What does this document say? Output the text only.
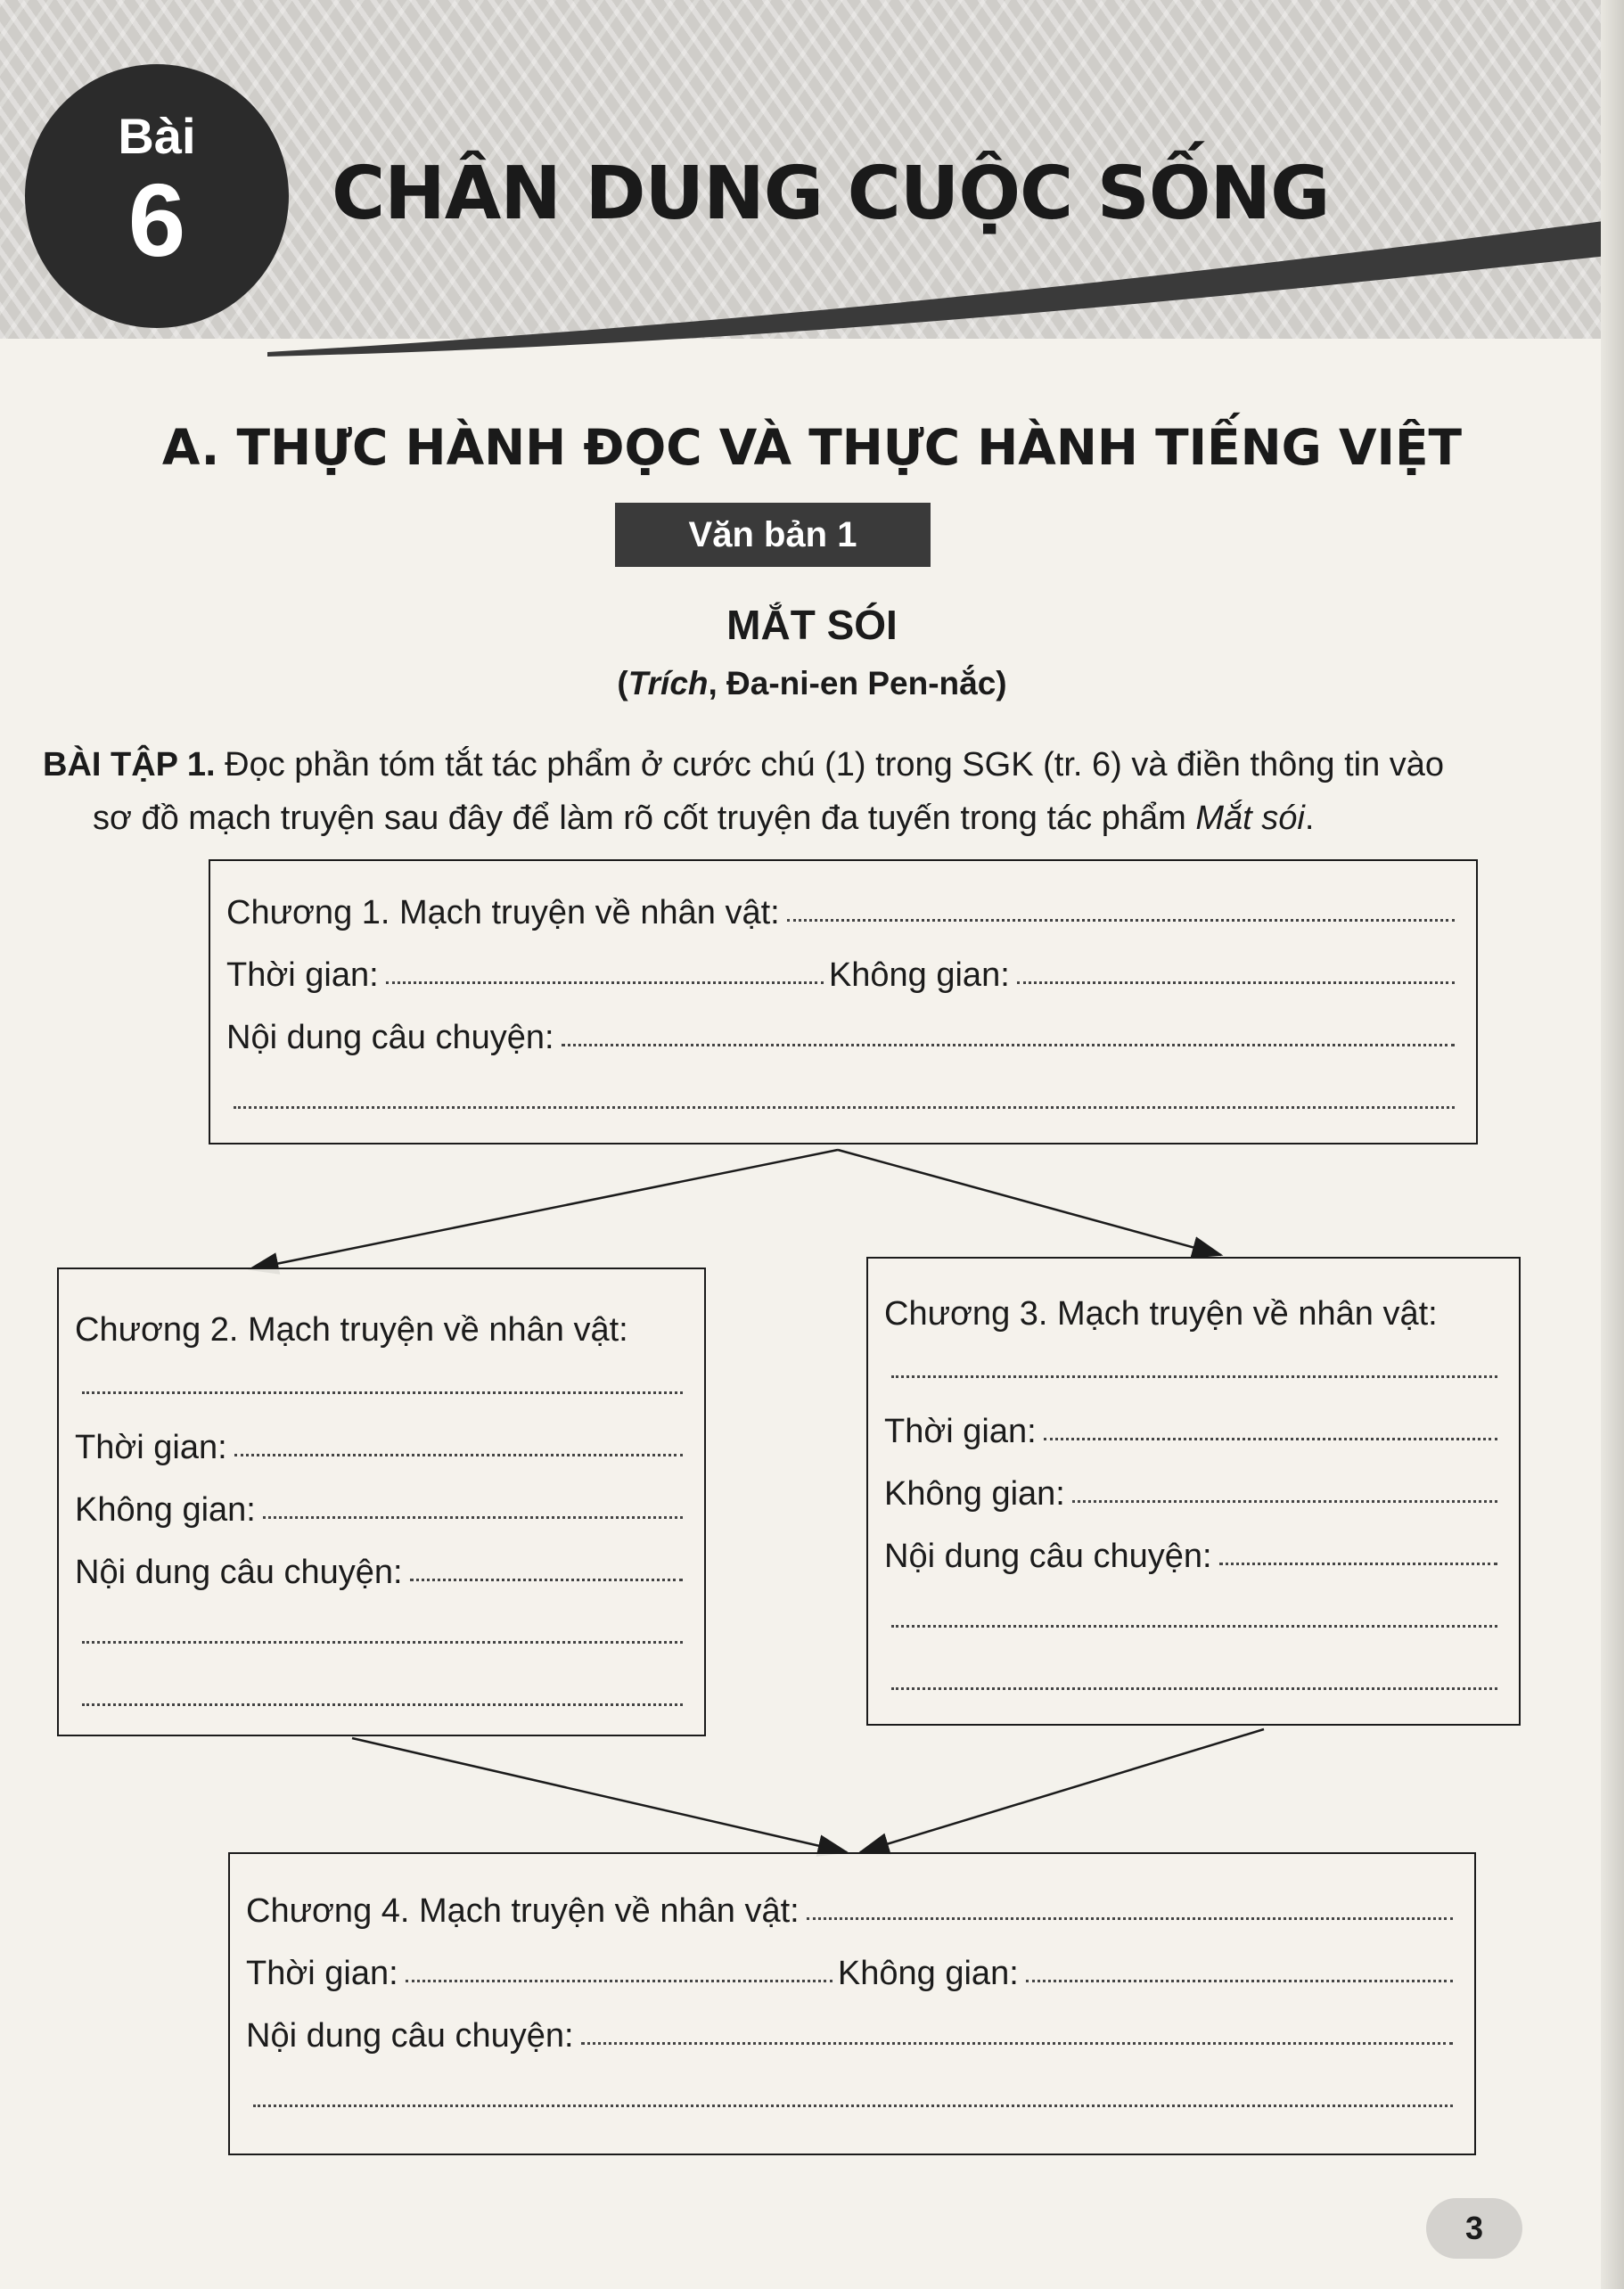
Bài
6 CHÂN DUNG CUỘC SỐNG
A. THỰC HÀNH ĐỌC VÀ THỰC HÀNH TIẾNG VIỆT
Văn bản 1
MẮT SÓI
(Trích, Đa-ni-en Pen-nắc)
BÀI TẬP 1. Đọc phần tóm tắt tác phẩm ở cước chú (1) trong SGK (tr. 6) và điền thông tin vào
sơ đồ mạch truyện sau đây để làm rõ cốt truyện đa tuyến trong tác phẩm Mắt sói.
Chương 1. Mạch truyện về nhân vật:
Thời gian:	Không gian:
Nội dung câu chuyện:
Chương 2. Mạch truyện về nhân vật:
Thời gian:
Không gian:
Nội dung câu chuyện:
Chương 3. Mạch truyện về nhân vật:
Thời gian:
Không gian:
Nội dung câu chuyện:
Chương 4. Mạch truyện về nhân vật:
Thời gian:	Không gian:
Nội dung câu chuyện:
3
